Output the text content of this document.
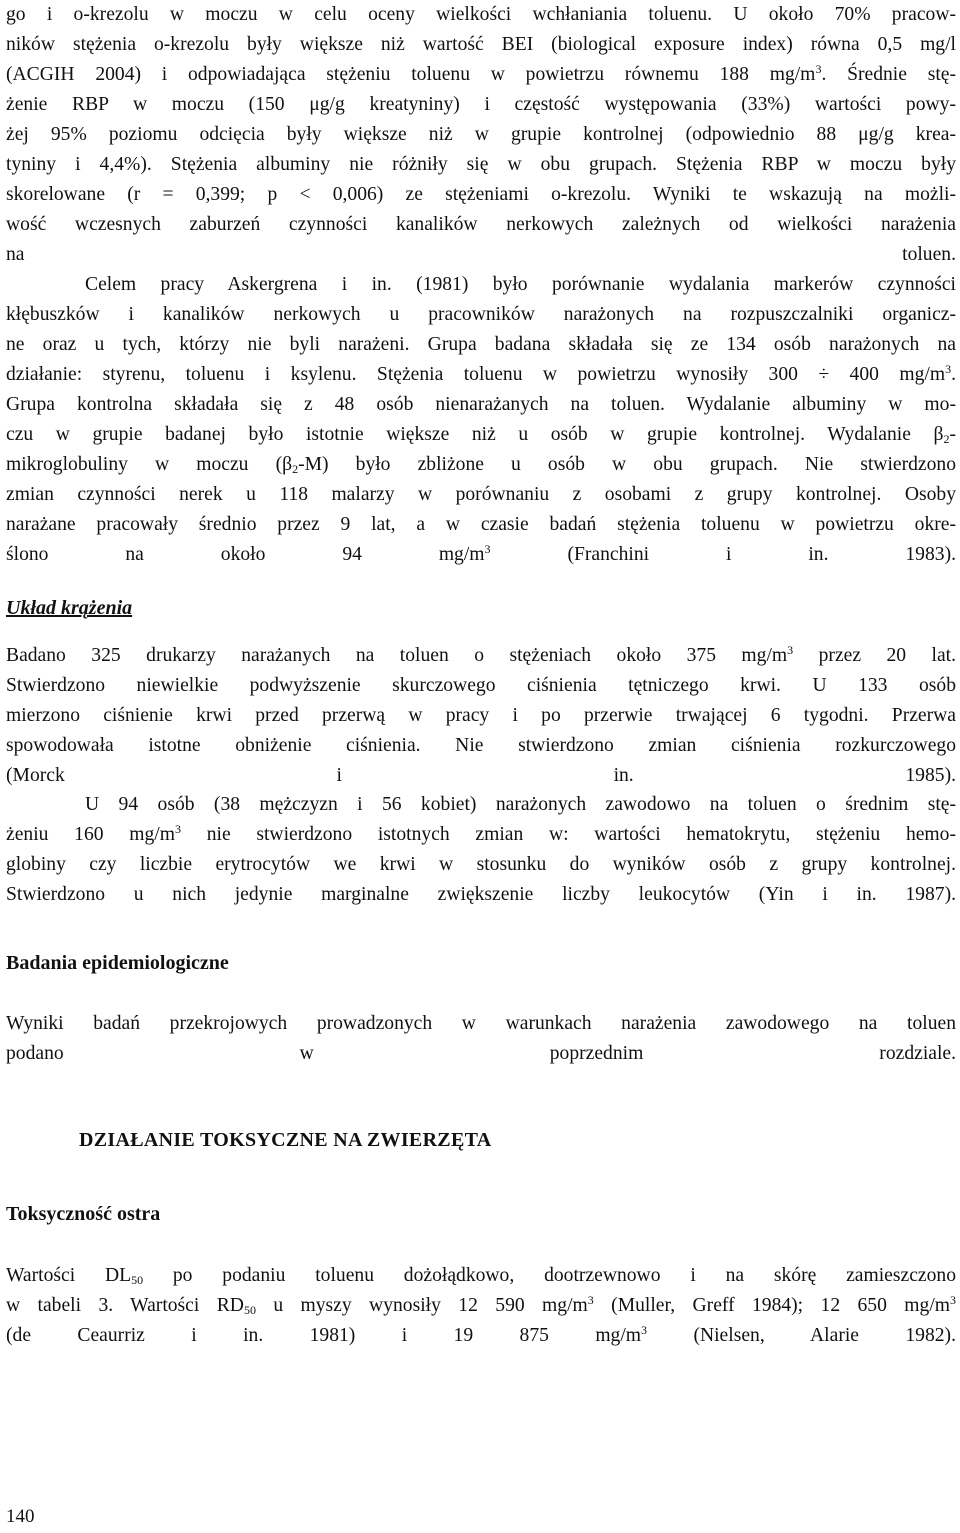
go i o-krezolu w moczu w celu oceny wielkości wchłaniania toluenu. U około 70% pracow-
ników stężenia o-krezolu były większe niż wartość BEI (biological exposure index) równa 0,5 mg/l
(ACGIH 2004) i odpowiadająca stężeniu toluenu w powietrzu równemu 188 $mg/m^3$. Średnie stę-
żenie RBP w moczu (150 μg/g kreatyniny) i częstość występowania (33%) wartości powy-
żej 95% poziomu odcięcia były większe niż w grupie kontrolnej (odpowiednio 88 μg/g krea-
tyniny i 4,4%). Stężenia albuminy nie różniły się w obu grupach. Stężenia RBP w moczu były
skorelowane (r = 0,399; p < 0,006) ze stężeniami o-krezolu. Wyniki te wskazują na możli-
wość wczesnych zaburzeń czynności kanalików nerkowych zależnych od wielkości narażenia
na toluen.
Celem pracy Askergrena i in. (1981) było porównanie wydalania markerów czynności
kłębuszków i kanalików nerkowych u pracowników narażonych na rozpuszczalniki organicz-
ne oraz u tych, którzy nie byli narażeni. Grupa badana składała się ze 134 osób narażonych na
działanie: styrenu, toluenu i ksylenu. Stężenia toluenu w powietrzu wynosiły 300 ÷ 400 $mg/m^3$.
Grupa kontrolna składała się z 48 osób nienarażanych na toluen. Wydalanie albuminy w mo-
czu w grupie badanej było istotnie większe niż u osób w grupie kontrolnej. Wydalanie $\beta_2-$
mikroglobuliny w moczu $(\beta_2-M)$ było zbliżone u osób w obu grupach. Nie stwierdzono
zmian czynności nerek u 118 malarzy w porównaniu z osobami z grupy kontrolnej. Osoby
narażane pracowały średnio przez 9 lat, a w czasie badań stężenia toluenu w powietrzu okre-
ślono na około 94 $mg/m^3$ (Franchini i in. 1983).
Układ krążenia
Badano 325 drukarzy narażanych na toluen o stężeniach około 375 $mg/m^3$ przez 20 lat.
Stwierdzono niewielkie podwyższenie skurczowego ciśnienia tętniczego krwi. U 133 osób
mierzono ciśnienie krwi przed przerwą w pracy i po przerwie trwającej 6 tygodni. Przerwa
spowodowała istotne obniżenie ciśnienia. Nie stwierdzono zmian ciśnienia rozkurczowego
(Morck i in. 1985).
U 94 osób (38 mężczyzn i 56 kobiet) narażonych zawodowo na toluen o średnim stę-
żeniu 160 $mg/m^3$ nie stwierdzono istotnych zmian w: wartości hematokrytu, stężeniu hemo-
globiny czy liczbie erytrocytów we krwi w stosunku do wyników osób z grupy kontrolnej.
Stwierdzono u nich jedynie marginalne zwiększenie liczby leukocytów (Yin i in. 1987).
Badania epidemiologiczne
Wyniki badań przekrojowych prowadzonych w warunkach narażenia zawodowego na toluen
podano w poprzednim rozdziale.
DZIAŁANIE TOKSYCZNE NA ZWIERZĘTA
Toksyczność ostra
Wartości $DL_{50}$ po podaniu toluenu dożołądkowo, dootrzewnowo i na skórę zamieszczono
w tabeli 3. Wartości $RD_{50}$ u myszy wynosiły 12 590 $mg/m^3$ (Muller, Greff 1984); 12 650 $mg/m^3$
(de Ceaurriz i in. 1981) i 19 875 $mg/m^3$ (Nielsen, Alarie 1982).
140
